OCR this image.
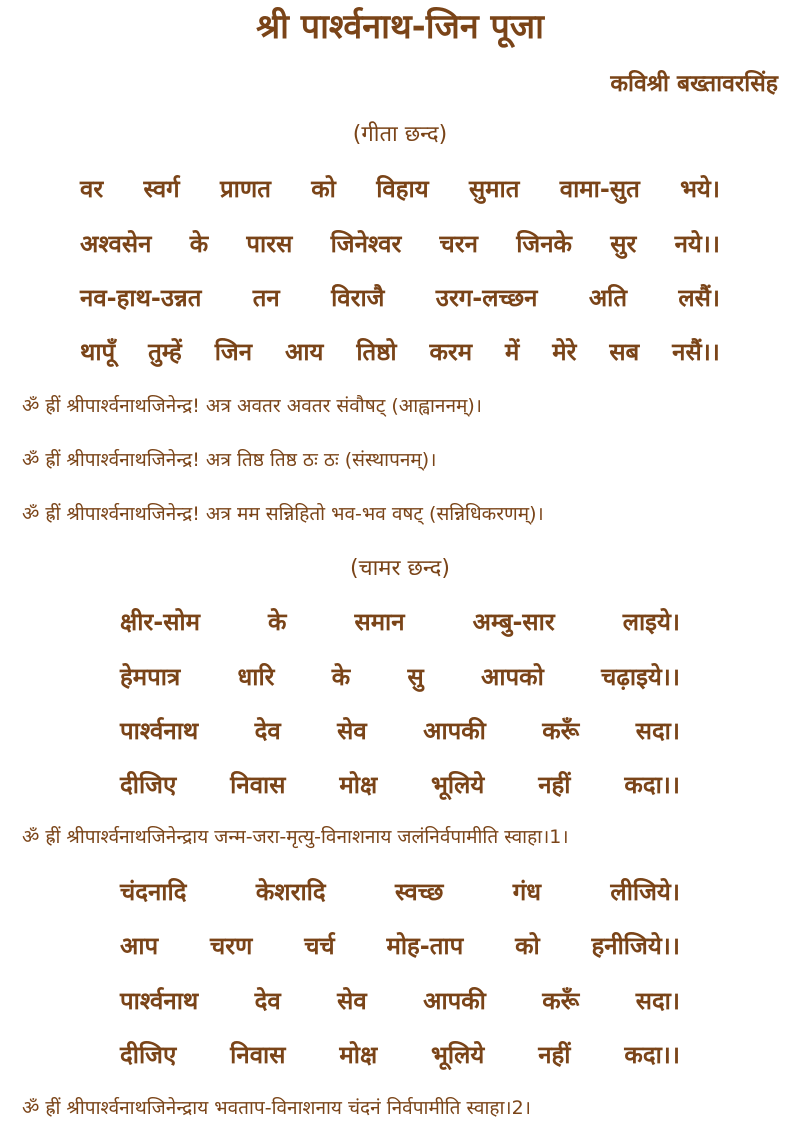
श्री पार्श्वनाथ-जिन पूजा
कविश्री बख्तावरसिंह
(गीता छन्द)
वर स्वर्ग प्राणत को विहाय सुमात वामा-सुत भये।
अश्वसेन के पारस जिनेश्वर चरन जिनके सुर नये।।
नव-हाथ-उन्नत तन विराजै उरग-लच्छन अति लसैं।
थापूँ तुम्हें जिन आय तिष्ठो करम में मेरे सब नसैं।।
ॐ ह्रीं श्रीपार्श्वनाथजिनेन्द्र! अत्र अवतर अवतर संवौषट् (आह्वाननम्)।
ॐ ह्रीं श्रीपार्श्वनाथजिनेन्द्र! अत्र तिष्ठ तिष्ठ ठः ठः (संस्थापनम्)।
ॐ ह्रीं श्रीपार्श्वनाथजिनेन्द्र! अत्र मम सन्निहितो भव-भव वषट् (सन्निधिकरणम्)।
(चामर छन्द)
क्षीर-सोम	के	समान	अम्बु-सार	लाइये।
हेमपात्र धारि के सु आपको चढ़ाइये।।
पार्श्वनाथ देव सेव आपकी करूँ सदा।
दीजिए निवास मोक्ष भूलिये नहीं कदा।।
ॐ ह्रीं श्रीपार्श्वनाथजिनेन्द्राय जन्म-जरा-मृत्यु-विनाशनाय जलंनिर्वपामीति स्वाहा।1।
चंदनादि	केशरादि	स्वच्छ	गंध	लीजिये।
आप चरण चर्च मोह-ताप को हनीजिये।।
पार्श्वनाथ देव सेव आपकी करूँ सदा।
दीजिए निवास मोक्ष भूलिये नहीं कदा।।
ॐ ह्रीं श्रीपार्श्वनाथजिनेन्द्राय भवताप-विनाशनाय चंदनं निर्वपामीति स्वाहा।2।
